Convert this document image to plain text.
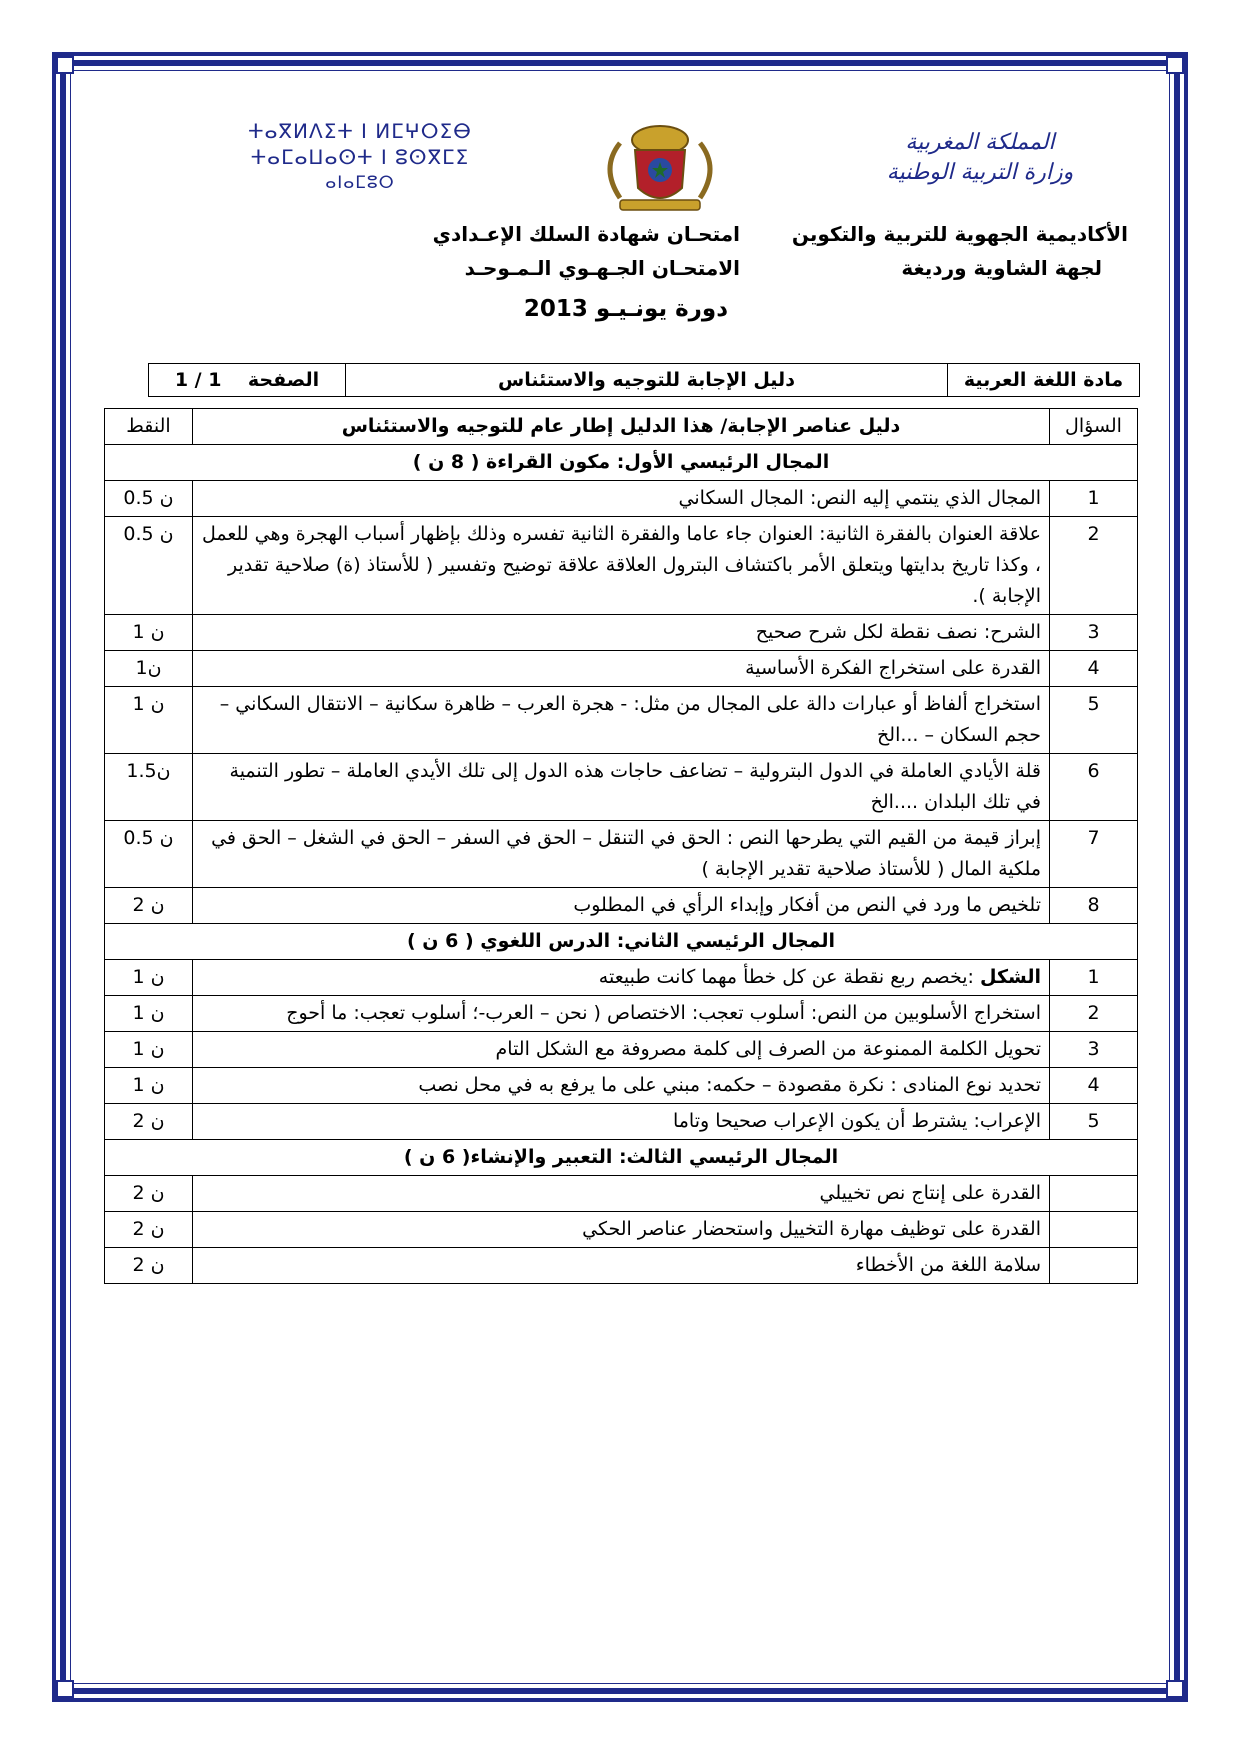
ⵜⴰⴳⵍⴷⵉⵜ ⵏ ⵍⵎⵖⵔⵉⴱ
ⵜⴰⵎⴰⵡⴰⵙⵜ ⵏ ⵓⵙⴳⵎⵉ
ⴰⵏⴰⵎⵓⵔ
المملكة المغربية
وزارة التربية الوطنية
الأكاديمية الجهوية للتربية والتكوين
لجهة الشاوية ورديغة
امتحـان شهادة السلك الإعـدادي
الامتحـان الجـهـوي الـمـوحـد
دورة يونـيـو 2013
مادة اللغة العربية	دليل الإجابة للتوجيه والاستئناس	الصفحة    1 / 1
السؤال	دليل عناصر الإجابة/ هذا الدليل إطار عام للتوجيه والاستئناس	النقط
المجال الرئيسي الأول: مكون القراءة ( 8 ن )		
1	المجال الذي ينتمي إليه النص: المجال السكاني	0.5 ن
2	علاقة العنوان بالفقرة الثانية: العنوان جاء عاما والفقرة الثانية تفسره وذلك بإظهار أسباب الهجرة وهي للعمل ، وكذا تاريخ بدايتها ويتعلق الأمر باكتشاف البترول العلاقة علاقة توضيح وتفسير ( للأستاذ (ة) صلاحية تقدير الإجابة ).	0.5 ن
3	الشرح: نصف نقطة لكل شرح صحيح	1 ن
4	القدرة على استخراج الفكرة الأساسية	1ن
5	استخراج ألفاظ أو عبارات دالة على المجال من مثل: - هجرة العرب – ظاهرة سكانية – الانتقال السكاني – حجم السكان – ...الخ	1 ن
6	قلة الأيادي العاملة في الدول البترولية – تضاعف حاجات هذه الدول إلى تلك الأيدي العاملة – تطور التنمية في تلك البلدان ....الخ	1.5ن
7	إبراز قيمة من القيم التي يطرحها النص : الحق في التنقل – الحق في السفر – الحق في الشغل – الحق في ملكية المال ( للأستاذ صلاحية تقدير الإجابة )	0.5 ن
8	تلخيص ما ورد في النص من أفكار وإبداء الرأي في المطلوب	2 ن
المجال الرئيسي الثاني: الدرس اللغوي ( 6 ن )		
1	الشكل :يخصم ربع نقطة عن كل خطأ مهما كانت طبيعته	1 ن
2	استخراج الأسلوبين من النص: أسلوب تعجب: الاختصاص ( نحن – العرب-؛ أسلوب تعجب: ما أحوج	1 ن
3	تحويل الكلمة الممنوعة من الصرف إلى كلمة مصروفة مع الشكل التام	1 ن
4	تحديد نوع المنادى : نكرة مقصودة – حكمه: مبني على ما يرفع به في محل نصب	1 ن
5	الإعراب: يشترط أن يكون الإعراب صحيحا وتاما	2 ن
المجال الرئيسي الثالث: التعبير والإنشاء( 6 ن )		
	القدرة على إنتاج نص تخييلي	2 ن
	القدرة على توظيف مهارة التخييل واستحضار عناصر الحكي	2 ن
	سلامة اللغة من الأخطاء	2 ن
